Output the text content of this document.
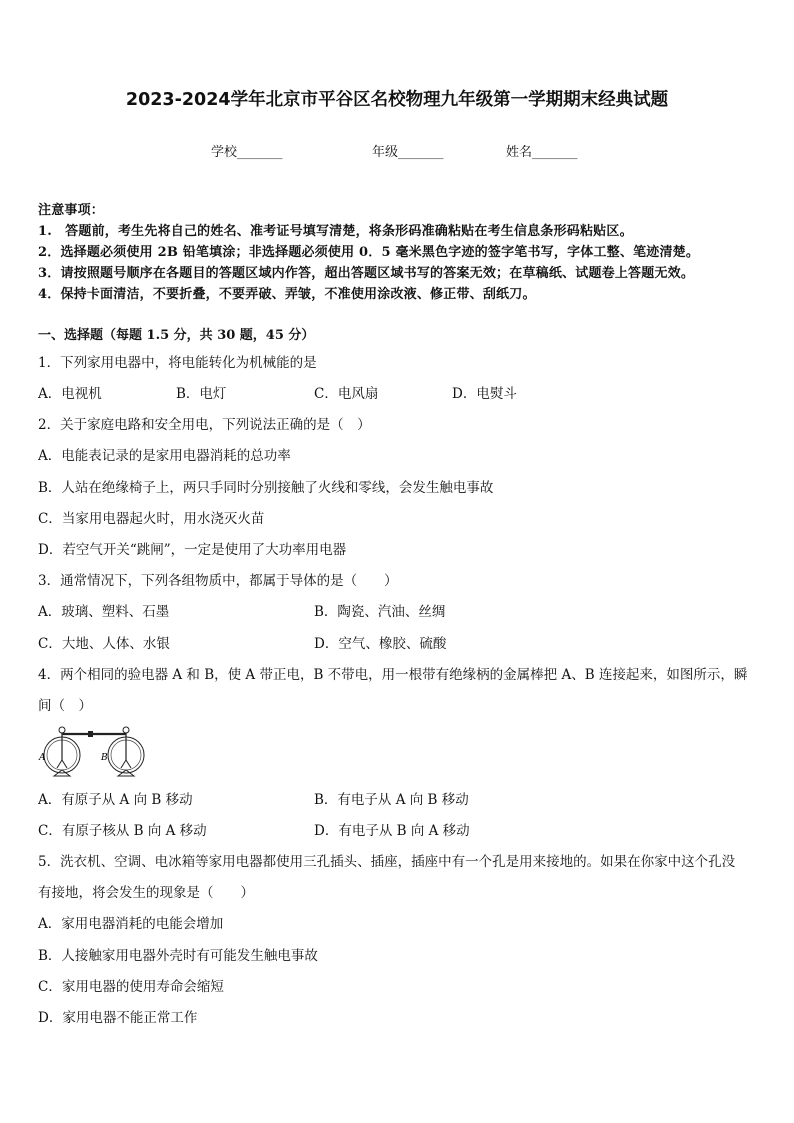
2023-2024学年北京市平谷区名校物理九年级第一学期期末经典试题
学校_______	年级_______	姓名_______
注意事项：
1.　答题前，考生先将自己的姓名、准考证号填写清楚，将条形码准确粘贴在考生信息条形码粘贴区。
2．选择题必须使用 2B 铅笔填涂；非选择题必须使用 0．5 毫米黑色字迹的签字笔书写，字体工整、笔迹清楚。
3．请按照题号顺序在各题目的答题区域内作答，超出答题区域书写的答案无效；在草稿纸、试题卷上答题无效。
4．保持卡面清洁，不要折叠，不要弄破、弄皱，不准使用涂改液、修正带、刮纸刀。
一、选择题（每题 1.5 分，共 30 题，45 分）
1．下列家用电器中，将电能转化为机械能的是
A．电视机	B．电灯	C．电风扇	D．电熨斗
2．关于家庭电路和安全用电，下列说法正确的是（　）
A．电能表记录的是家用电器消耗的总功率
B．人站在绝缘椅子上，两只手同时分别接触了火线和零线，会发生触电事故
C．当家用电器起火时，用水浇灭火苗
D．若空气开关“跳闸”，一定是使用了大功率用电器
3．通常情况下，下列各组物质中，都属于导体的是（　　）
A．玻璃、塑料、石墨	B．陶瓷、汽油、丝绸
C．大地、人体、水银	D．空气、橡胶、硫酸
4．两个相同的验电器 A 和 B，使 A 带正电，B 不带电，用一根带有绝缘柄的金属棒把 A、B 连接起来，如图所示，瞬
间（　）
A	B
A．有原子从 A 向 B 移动	B．有电子从 A 向 B 移动
C．有原子核从 B 向 A 移动	D．有电子从 B 向 A 移动
5．洗衣机、空调、电冰箱等家用电器都使用三孔插头、插座，插座中有一个孔是用来接地的。如果在你家中这个孔没
有接地，将会发生的现象是（　　）
A．家用电器消耗的电能会增加
B．人接触家用电器外壳时有可能发生触电事故
C．家用电器的使用寿命会缩短
D．家用电器不能正常工作
